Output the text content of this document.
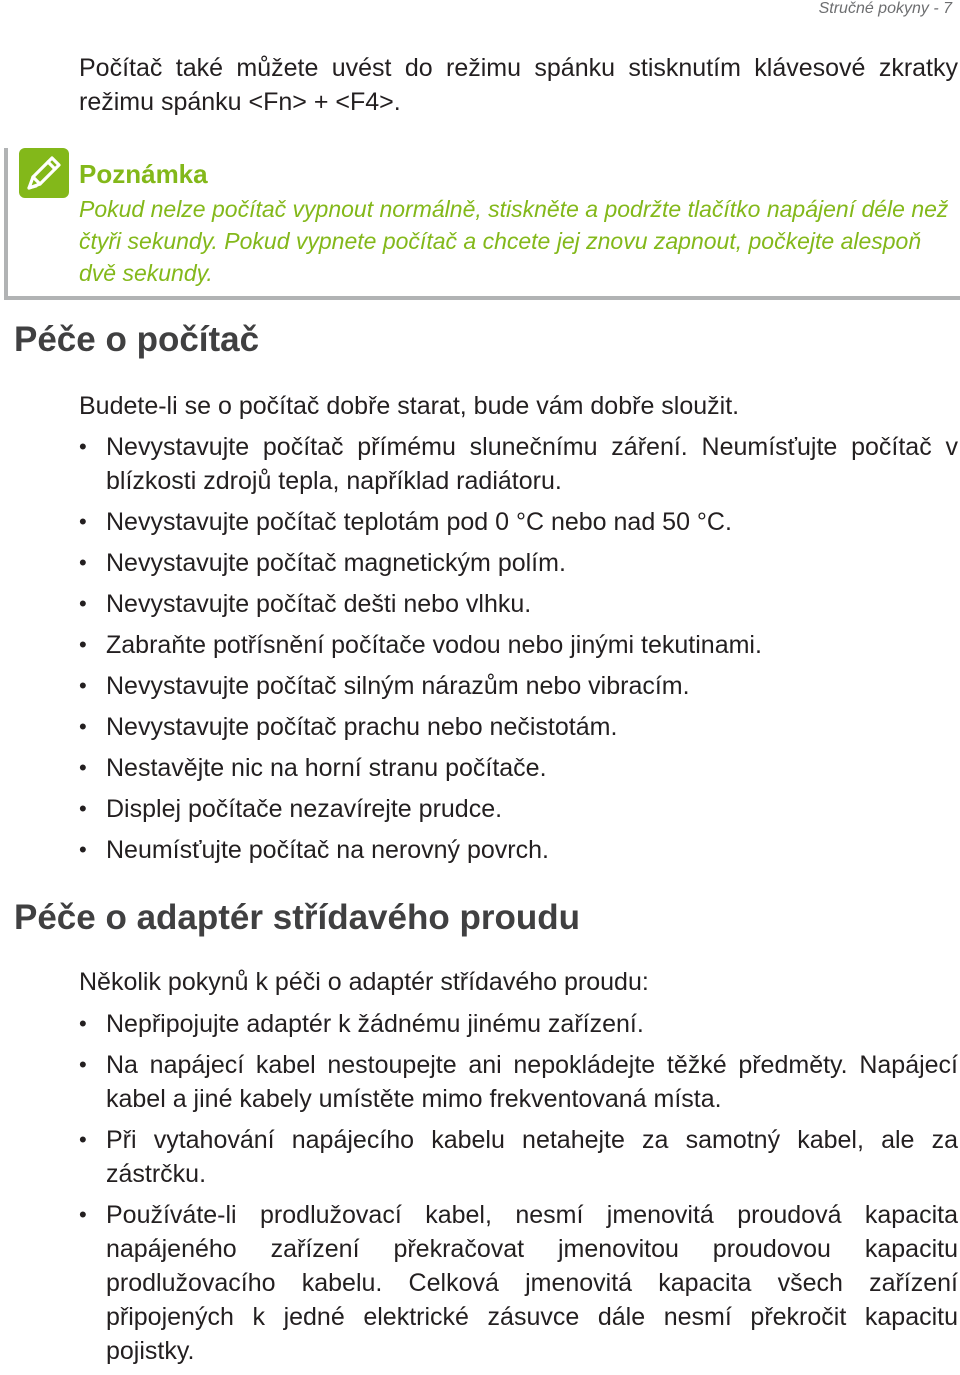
Stručné pokyny - 7

Počítač také můžete uvést do režimu spánku stisknutím klávesové zkratky režimu spánku <Fn> + <F4>.

Poznámka
Pokud nelze počítač vypnout normálně, stiskněte a podržte tlačítko napájení déle než čtyři sekundy. Pokud vypnete počítač a chcete jej znovu zapnout, počkejte alespoň dvě sekundy.
Péče o počítač
Budete-li se o počítač dobře starat, bude vám dobře sloužit.
• Nevystavujte počítač přímému slunečnímu záření. Neumísťujte počítač v blízkosti zdrojů tepla, například radiátoru.
• Nevystavujte počítač teplotám pod 0 °C nebo nad 50 °C.
• Nevystavujte počítač magnetickým polím.
• Nevystavujte počítač dešti nebo vlhku.
• Zabraňte potřísnění počítače vodou nebo jinými tekutinami.
• Nevystavujte počítač silným nárazům nebo vibracím.
• Nevystavujte počítač prachu nebo nečistotám.
• Nestavějte nic na horní stranu počítače.
• Displej počítače nezavírejte prudce.
• Neumísťujte počítač na nerovný povrch.
Péče o adaptér střídavého proudu
Několik pokynů k péči o adaptér střídavého proudu:
• Nepřipojujte adaptér k žádnému jinému zařízení.
• Na napájecí kabel nestoupejte ani nepokládejte těžké předměty. Napájecí kabel a jiné kabely umístěte mimo frekventovaná místa.
• Při vytahování napájecího kabelu netahejte za samotný kabel, ale za zástrčku.
• Používáte-li prodlužovací kabel, nesmí jmenovitá proudová kapacita napájeného zařízení překračovat jmenovitou proudovou kapacitu prodlužovacího kabelu. Celková jmenovitá kapacita všech zařízení připojených k jedné elektrické zásuvce dále nesmí překročit kapacitu pojistky.
